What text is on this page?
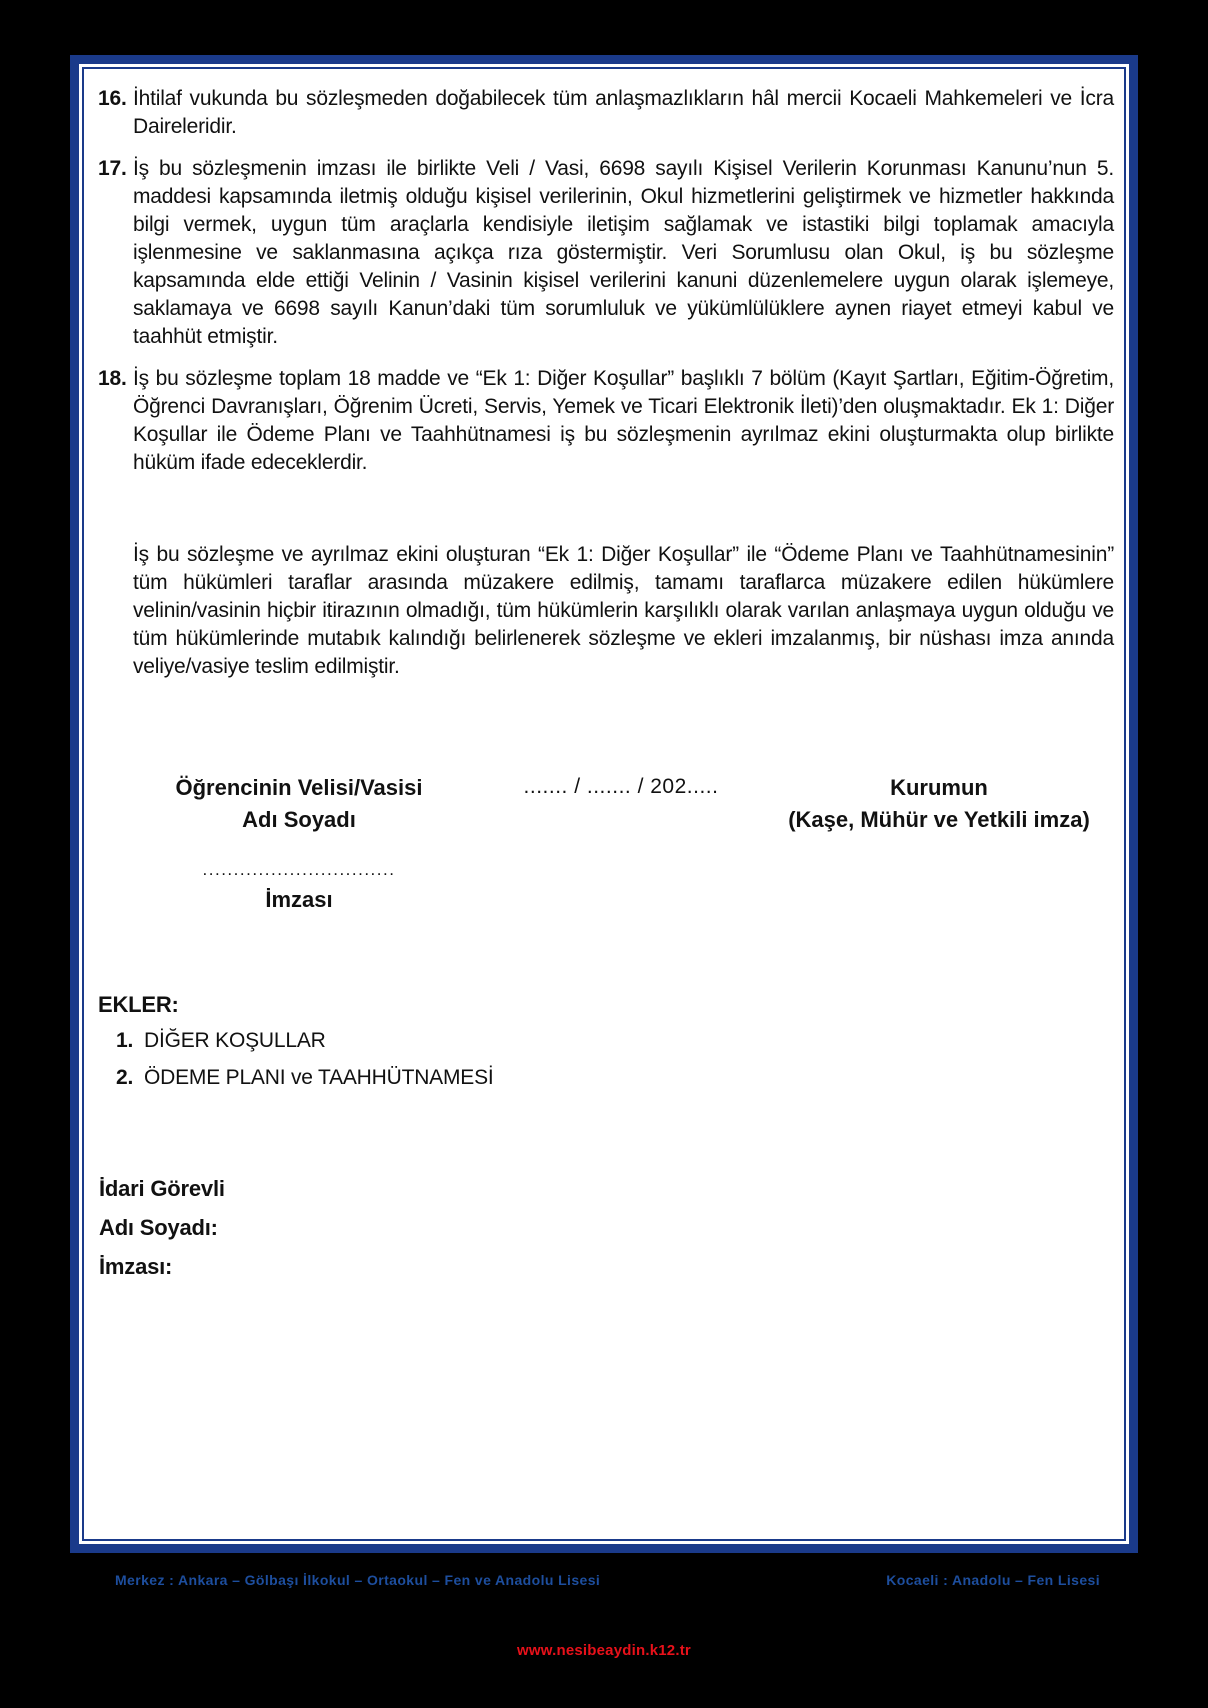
16. İhtilaf vukunda bu sözleşmeden doğabilecek tüm anlaşmazlıkların hâl mercii Kocaeli Mahkemeleri ve İcra Daireleridir.
17. İş bu sözleşmenin imzası ile birlikte Veli / Vasi, 6698 sayılı Kişisel Verilerin Korunması Kanunu’nun 5. maddesi kapsamında iletmiş olduğu kişisel verilerinin, Okul hizmetlerini geliştirmek ve hizmetler hakkında bilgi vermek, uygun tüm araçlarla kendisiyle iletişim sağlamak ve istastiki bilgi toplamak amacıyla işlenmesine ve saklanmasına açıkça rıza göstermiştir. Veri Sorumlusu olan Okul, iş bu sözleşme kapsamında elde ettiği Velinin / Vasinin kişisel verilerini kanuni düzenlemelere uygun olarak işlemeye, saklamaya ve 6698 sayılı Kanun’daki tüm sorumluluk ve yükümlülüklere aynen riayet etmeyi kabul ve taahhüt etmiştir.
18. İş bu sözleşme toplam 18 madde ve “Ek 1: Diğer Koşullar” başlıklı 7 bölüm (Kayıt Şartları, Eğitim-Öğretim, Öğrenci Davranışları, Öğrenim Ücreti, Servis, Yemek ve Ticari Elektronik İleti)’den oluşmaktadır. Ek 1: Diğer Koşullar ile Ödeme Planı ve Taahhütnamesi iş bu sözleşmenin ayrılmaz ekini oluşturmakta olup birlikte hüküm ifade edeceklerdir.
İş bu sözleşme ve ayrılmaz ekini oluşturan “Ek 1: Diğer Koşullar” ile “Ödeme Planı ve Taahhütnamesinin” tüm hükümleri taraflar arasında müzakere edilmiş, tamamı taraflarca müzakere edilen hükümlere velinin/vasinin hiçbir itirazının olmadığı, tüm hükümlerin karşılıklı olarak varılan anlaşmaya uygun olduğu ve tüm hükümlerinde mutabık kalındığı belirlenerek sözleşme ve ekleri imzalanmış, bir nüshası imza anında veliye/vasiye teslim edilmiştir.
Öğrencinin Velisi/Vasisi
Adı Soyadı
...............................
İmzası
....... / ....... / 202.....	Kurumun
(Kaşe, Mühür ve Yetkili imza)
EKLER:
1. DİĞER KOŞULLAR
2. ÖDEME PLANI ve TAAHHÜTNAMESİ
İdari Görevli
Adı Soyadı:
İmzası:
Merkez : Ankara – Gölbaşı İlkokul – Ortaokul – Fen ve Anadolu Lisesi	Kocaeli : Anadolu – Fen Lisesi
www.nesibeaydin.k12.tr
